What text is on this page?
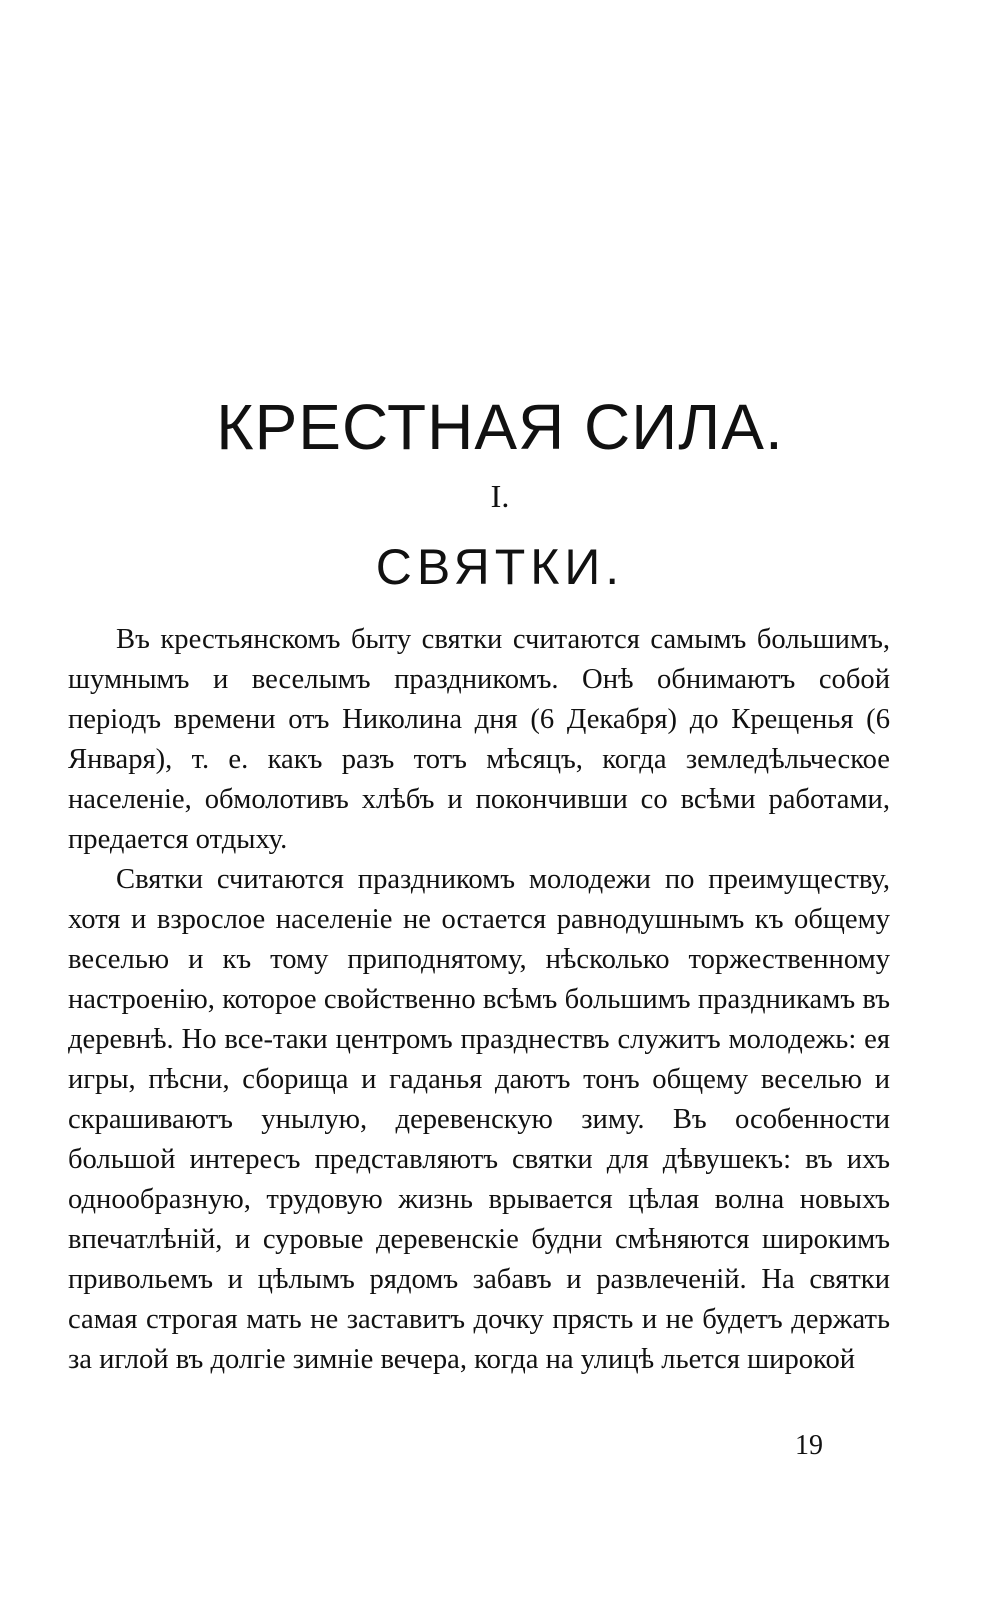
КРЕСТНАЯ СИЛА.
I.
СВЯТКИ.

Въ крестьянскомъ быту святки считаются самымъ большимъ, шумнымъ и веселымъ праздникомъ. Онѣ обнимаютъ собой періодъ времени отъ Николина дня (6 Декабря) до Крещенья (6 Января), т. е. какъ разъ тотъ мѣсяцъ, когда земледѣльческое населеніе, обмолотивъ хлѣбъ и покончивши со всѣми работами, предается отдыху.

Святки считаются праздникомъ молодежи по преимуществу, хотя и взрослое населеніе не остается равнодушнымъ къ общему веселью и къ тому приподнятому, нѣсколько торжественному настроенію, которое свойственно всѣмъ большимъ праздникамъ въ деревнѣ. Но все-таки центромъ празднествъ служитъ молодежь: ея игры, пѣсни, сборища и гаданья даютъ тонъ общему веселью и скрашиваютъ унылую, деревенскую зиму. Въ особенности большой интересъ представляютъ святки для дѣвушекъ: въ ихъ однообразную, трудовую жизнь врывается цѣлая волна новыхъ впечатлѣній, и суровые деревенскіе будни смѣняются широкимъ привольемъ и цѣлымъ рядомъ забавъ и развлеченій. На святки самая строгая мать не заставитъ дочку прясть и не будетъ держать за иглой въ долгіе зимніе вечера, когда на улицѣ льется широкой

19
